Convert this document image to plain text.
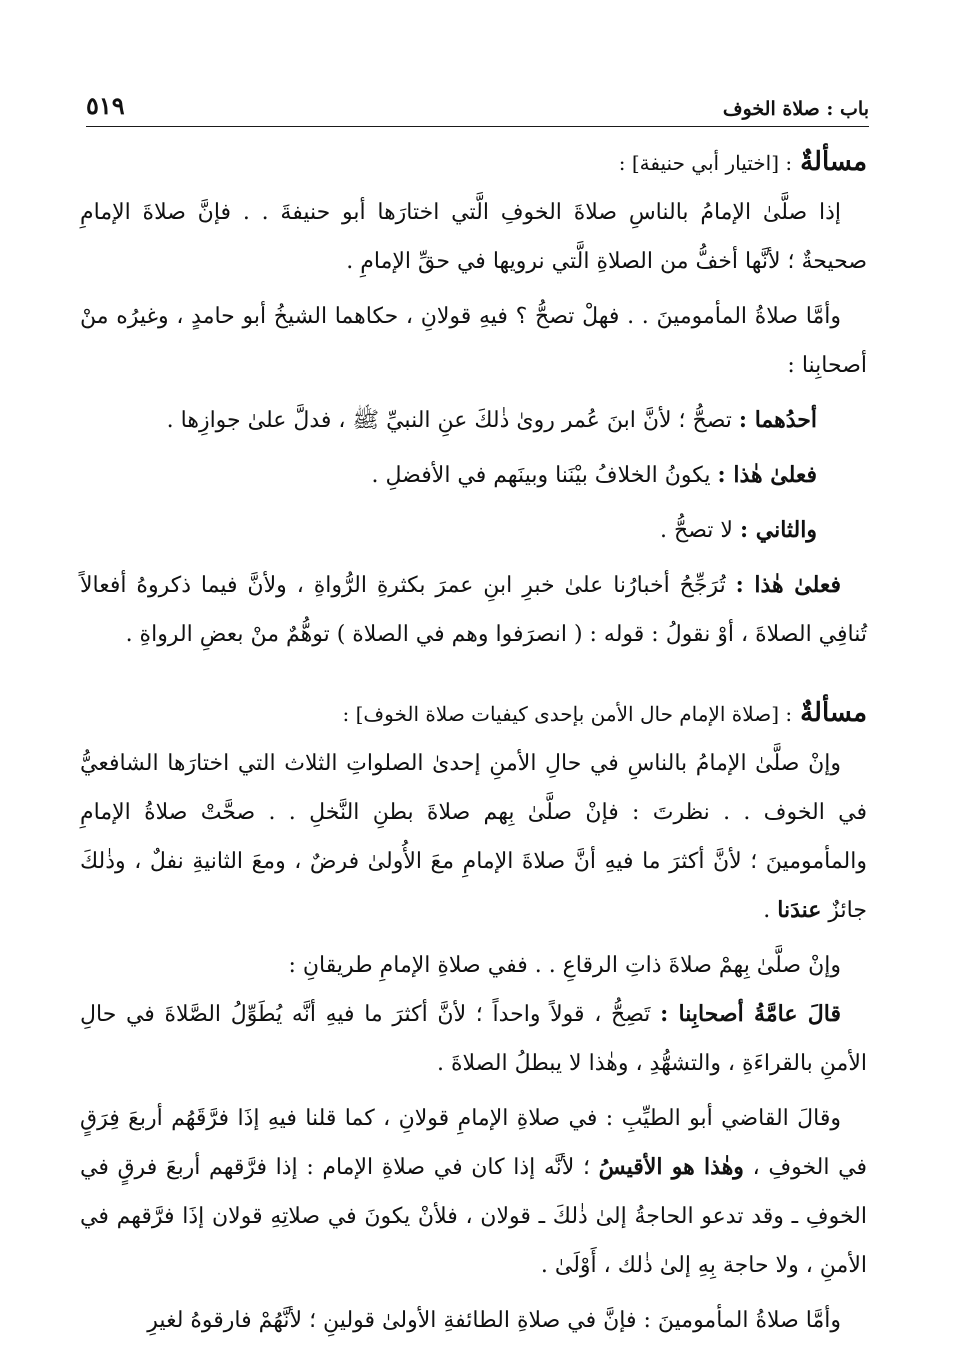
باب : صلاة الخوف
٥١٩

مسألةٌ: [اختيار أبي حنيفة] :

إذا صلَّىٰ الإمامُ بالناسِ صلاةَ الخوفِ الَّتي اختارَها أبو حنيفةَ . . فإنَّ صلاةَ الإمامِ صحيحةٌ ؛ لأنَّها أخفُّ من الصلاةِ الَّتي نرويها في حقِّ الإمامِ .

وأمَّا صلاةُ المأمومينَ . . فهلْ تصحُّ ؟ فيهِ قولانِ ، حكاهما الشيخُ أبو حامدٍ ، وغيرُه منْ أصحابِنا :

أحدُهما : تصحُّ ؛ لأنَّ ابنَ عُمر روىٰ ذٰلكَ عنِ النبيِّ ﷺ ، فدلَّ علىٰ جوازِها .

فعلىٰ هٰذا : يكونُ الخلافُ بيْنَنا وبينَهم في الأفضلِ .

والثاني : لا تصحُّ .

فعلىٰ هٰذا : تُرَجِّحُ أخبارُنا علىٰ خبرِ ابنِ عمرَ بكثرةِ الرُّواةِ ، ولأنَّ فيما ذكروهُ أفعالاً تُنافِي الصلاةَ ، أوْ نقولُ : قوله : ( انصرَفوا وهم في الصلاة ) توهُّمٌ منْ بعضِ الرواةِ .

مسألةٌ: [صلاة الإمام حال الأمن بإحدى كيفيات صلاة الخوف] :

وإنْ صلَّىٰ الإمامُ بالناسِ في حالِ الأمنِ إحدىٰ الصلواتِ الثلاث التي اختارَها الشافعيُّ في الخوف . . نظرتَ : فإنْ صلَّىٰ بِهم صلاةَ بطنِ النَّخلِ . . صحَّتْ صلاةُ الإمامِ والمأمومينَ ؛ لأنَّ أكثرَ ما فيهِ أنَّ صلاةَ الإمامِ معَ الأُولىٰ فرضٌ ، ومعَ الثانيةِ نفلٌ ، وذٰلكَ جائزٌ عندَنا .

وإنْ صلَّىٰ بِهمْ صلاةَ ذاتِ الرقاعِ . . ففي صلاةِ الإمامِ طريقانِ :

قالَ عامَّةُ أصحابِنا : تَصِحُّ ، قولاً واحداً ؛ لأنَّ أكثرَ ما فيهِ أنَّه يُطَوِّلُ الصَّلاةَ في حالِ الأمنِ بالقراءَةِ ، والتشهُّدِ ، وهٰذا لا يبطلُ الصلاةَ .

وقالَ القاضي أبو الطيِّبِ : في صلاةِ الإمامِ قولانِ ، كما قلنا فيهِ إذَا فرَّقَهُم أربعَ فِرَقٍ في الخوفِ ، وهٰذا هو الأقيسُ ؛ لأنَّه إذا كان في صلاةِ الإمام : إذا فرَّقهم أربعَ فرقٍ في الخوفِ ـ وقد تدعو الحاجةُ إلىٰ ذٰلكَ ـ قولان ، فلأنْ يكونَ في صلاتِهِ قولان إذَا فرَّقهم في الأمنِ ، ولا حاجة بِهِ إلىٰ ذٰلك ، أَوْلَىٰ .

وأمَّا صلاةُ المأمومينَ : فإنَّ في صلاةِ الطائفةِ الأولىٰ قولينِ ؛ لأنَّهُمْ فارقوهُ لغيرِ
